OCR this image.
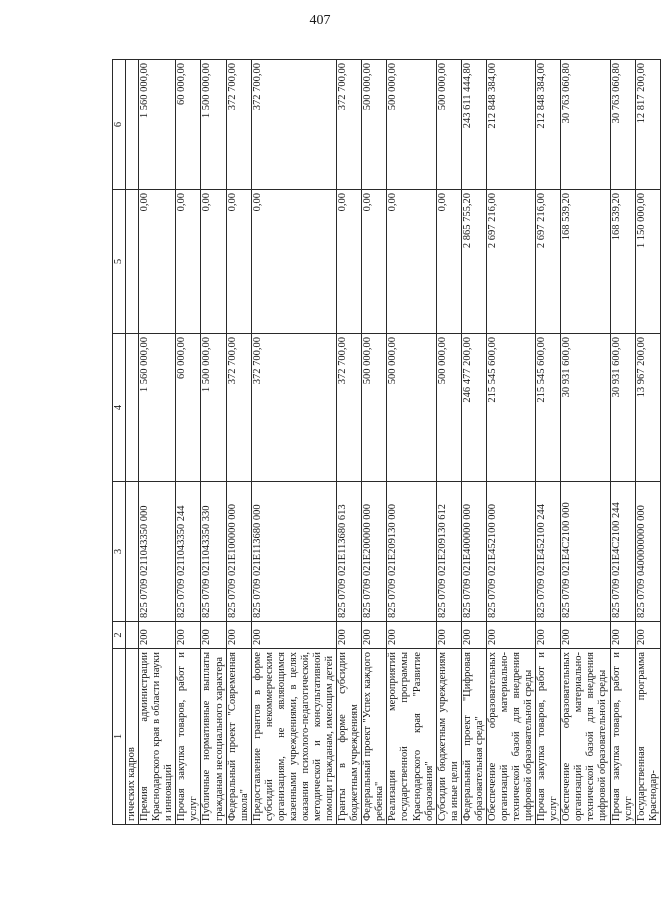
407
1	2	3	4	5	6
гических кадров					
Премия администрации Краснодарского края в области науки и инноваций	200	825 0709 0211043350 000	1 560 000,00	0,00	1 560 000,00
Прочая закупка товаров, работ и услуг	200	825 0709 0211043350 244	60 000,00	0,00	60 000,00
Публичные нормативные выплаты гражданам несоциального характера	200	825 0709 0211043350 330	1 500 000,00	0,00	1 500 000,00
Федеральный проект "Современная школа"	200	825 0709 021E100000 000	372 700,00	0,00	372 700,00
Предоставление грантов в форме субсидий некоммерческим организациям, не являющимся казенными учреждениями, в целях оказания психолого-педагогической, методической и консультативной помощи гражданам, имеющим детей	200	825 0709 021E113680 000	372 700,00	0,00	372 700,00
Гранты в форме субсидии бюджетным учреждениям	200	825 0709 021E113680 613	372 700,00	0,00	372 700,00
Федеральный проект "Успех каждого ребенка"	200	825 0709 021E200000 000	500 000,00	0,00	500 000,00
Реализация мероприятий государственной программы Краснодарского края "Развитие образования"	200	825 0709 021E209130 000	500 000,00	0,00	500 000,00
Субсидии бюджетным учреждениям на иные цели	200	825 0709 021E209130 612	500 000,00	0,00	500 000,00
Федеральный проект "Цифровая образовательная среда"	200	825 0709 021E400000 000	246 477 200,00	2 865 755,20	243 611 444,80
Обеспечение образовательных организаций материально-технической базой для внедрения цифровой образовательной среды	200	825 0709 021E452100 000	215 545 600,00	2 697 216,00	212 848 384,00
Прочая закупка товаров, работ и услуг	200	825 0709 021E452100 244	215 545 600,00	2 697 216,00	212 848 384,00
Обеспечение образовательных организаций материально-технической базой для внедрения цифровой образовательной среды	200	825 0709 021E4С2100 000	30 931 600,00	168 539,20	30 763 060,80
Прочая закупка товаров, работ и услуг	200	825 0709 021E4С2100 244	30 931 600,00	168 539,20	30 763 060,80
Государственная программа Краснодар-	200	825 0709 0400000000 000	13 967 200,00	1 150 000,00	12 817 200,00
